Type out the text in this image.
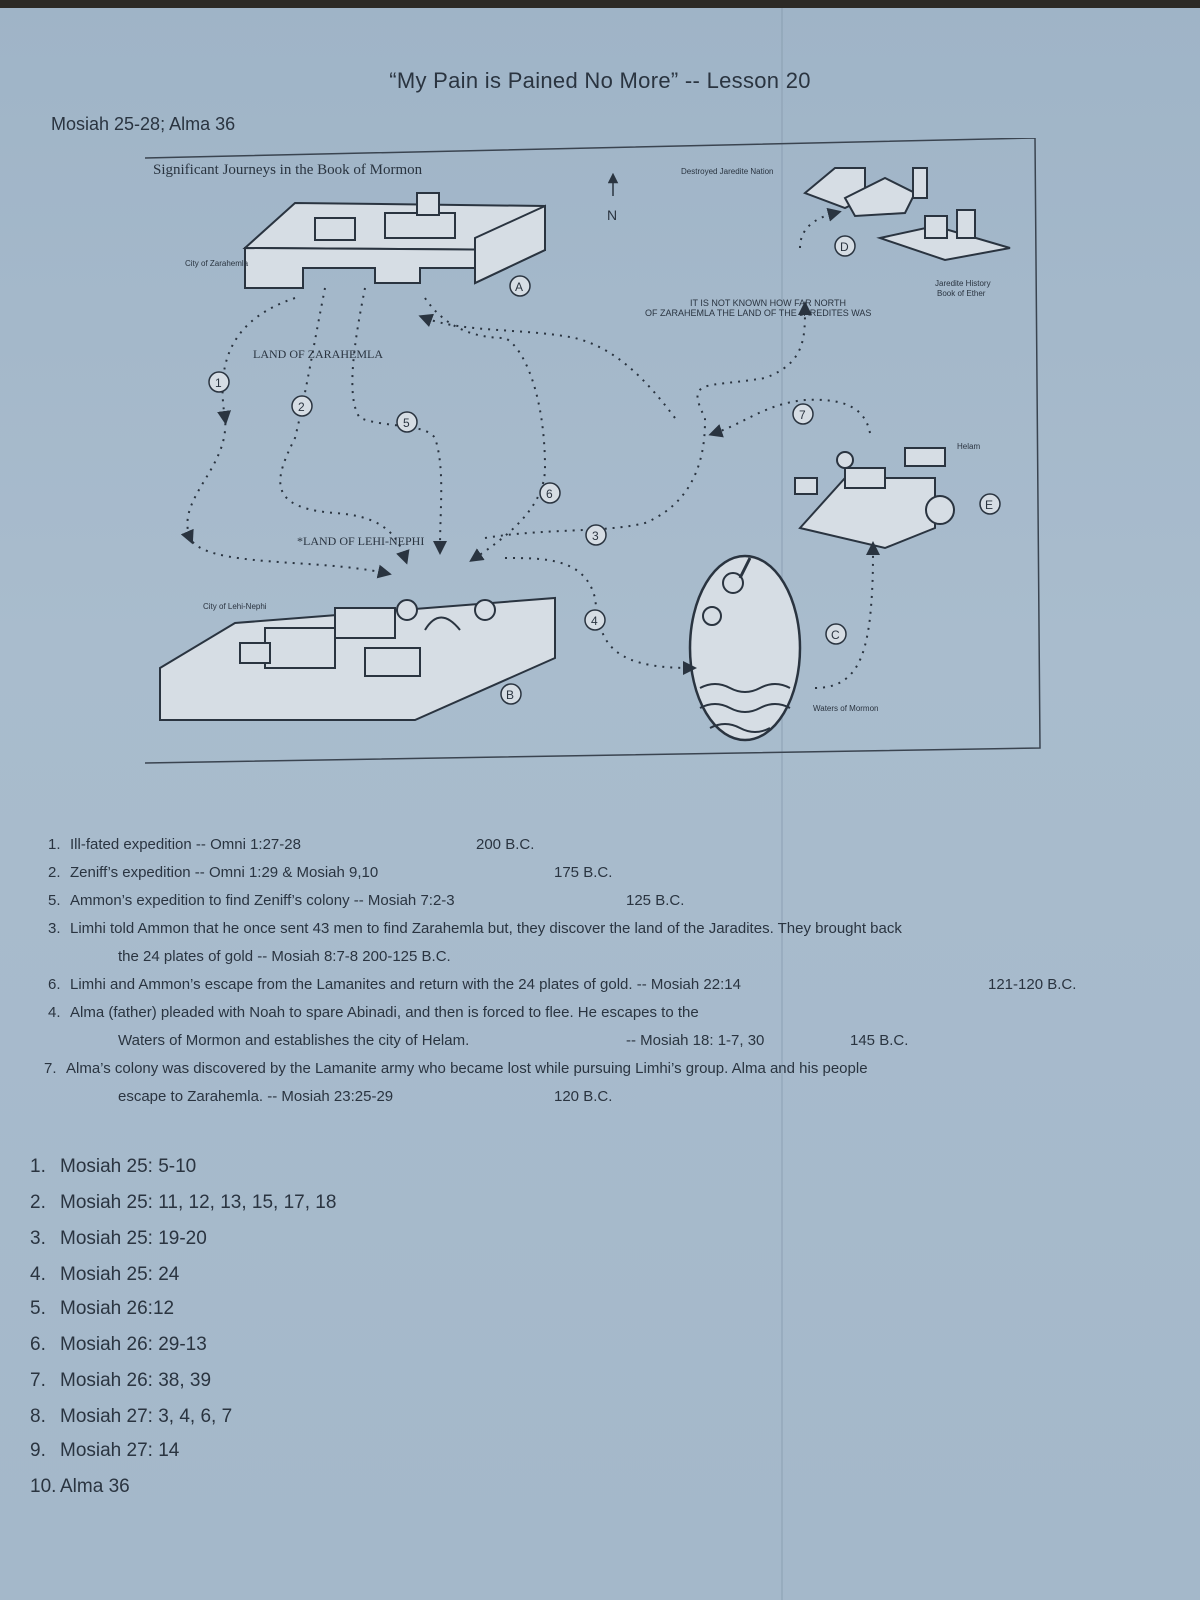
“My Pain is Pained No More” -- Lesson 20
Mosiah 25-28; Alma 36
Significant Journeys in the Book of Mormon
N
City of Zarahemla
LAND OF ZARAHEMLA
City of Lehi-Nephi
*LAND OF LEHI-NEPHI
Destroyed Jaredite Nation
Jaredite History
Book of Ether
IT IS NOT KNOWN HOW FAR NORTH
OF ZARAHEMLA THE LAND OF THE JAREDITES WAS
Helam
Waters of Mormon
A
B
C
D
E
1
2
3
4
5
6
7
1. Ill-fated expedition -- Omni 1:27-28	200 B.C.
2. Zeniff’s expedition -- Omni 1:29 & Mosiah 9,10	175 B.C.
5. Ammon’s expedition to find Zeniff’s colony -- Mosiah 7:2-3	125 B.C.
3. Limhi told Ammon that he once sent 43 men to find Zarahemla but, they discover the land of the Jaradites. They brought back
the 24 plates of gold -- Mosiah 8:7-8 200-125 B.C.
6. Limhi and Ammon’s escape from the Lamanites and return with the 24 plates of gold. -- Mosiah 22:14	121-120 B.C.
4. Alma (father) pleaded with Noah to spare Abinadi, and then is forced to flee. He escapes to the
Waters of Mormon and establishes the city of Helam.	-- Mosiah 18: 1-7, 30	145 B.C.
7. Alma’s colony was discovered by the Lamanite army who became lost while pursuing Limhi’s group. Alma and his people
escape to Zarahemla. -- Mosiah 23:25-29	120 B.C.
1. Mosiah 25: 5-10
2. Mosiah 25: 11, 12, 13, 15, 17, 18
3. Mosiah 25: 19-20
4. Mosiah 25: 24
5. Mosiah 26:12
6. Mosiah 26: 29-13
7. Mosiah 26: 38, 39
8. Mosiah 27: 3, 4, 6, 7
9. Mosiah 27: 14
10. Alma 36
